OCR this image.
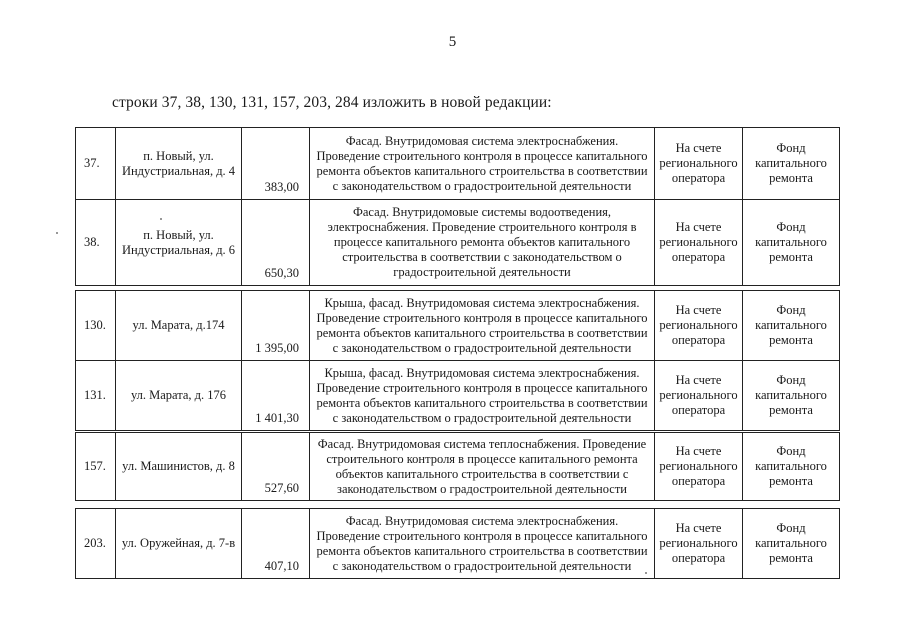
5
строки 37, 38, 130, 131, 157, 203, 284 изложить в новой редакции:
37.	п. Новый, ул. Индустриальная, д. 4	383,00	Фасад. Внутридомовая система электроснабжения. Проведение строительного контроля в процессе капитального ремонта объектов капитального строительства в соответствии с законодательством о градостроительной деятельности	На счете регионального оператора	Фонд капитального ремонта
38.	п. Новый, ул. Индустриальная, д. 6	650,30	Фасад. Внутридомовые системы водоотведения, электроснабжения. Проведение строительного контроля в процессе капитального ремонта объектов капитального строительства в соответствии с законодательством о градостроительной деятельности	На счете регионального оператора	Фонд капитального ремонта
130.	ул. Марата, д.174	1 395,00	Крыша, фасад. Внутридомовая система электроснабжения. Проведение строительного контроля в процессе капитального ремонта объектов капитального строительства в соответствии с законодательством о градостроительной деятельности	На счете регионального оператора	Фонд капитального ремонта
131.	ул. Марата, д. 176	1 401,30	Крыша, фасад. Внутридомовая система электроснабжения. Проведение строительного контроля в процессе капитального ремонта объектов капитального строительства в соответствии с законодательством о градостроительной деятельности	На счете регионального оператора	Фонд капитального ремонта
157.	ул. Машинистов, д. 8	527,60	Фасад. Внутридомовая система теплоснабжения. Проведение строительного контроля в процессе капитального ремонта объектов капитального строительства в соответствии с законодательством о градостроительной деятельности	На счете регионального оператора	Фонд капитального ремонта
203.	ул. Оружейная, д. 7-в	407,10	Фасад. Внутридомовая система электроснабжения. Проведение строительного контроля в процессе капитального ремонта объектов капитального строительства в соответствии с законодательством о градостроительной деятельности	На счете регионального оператора	Фонд капитального ремонта
